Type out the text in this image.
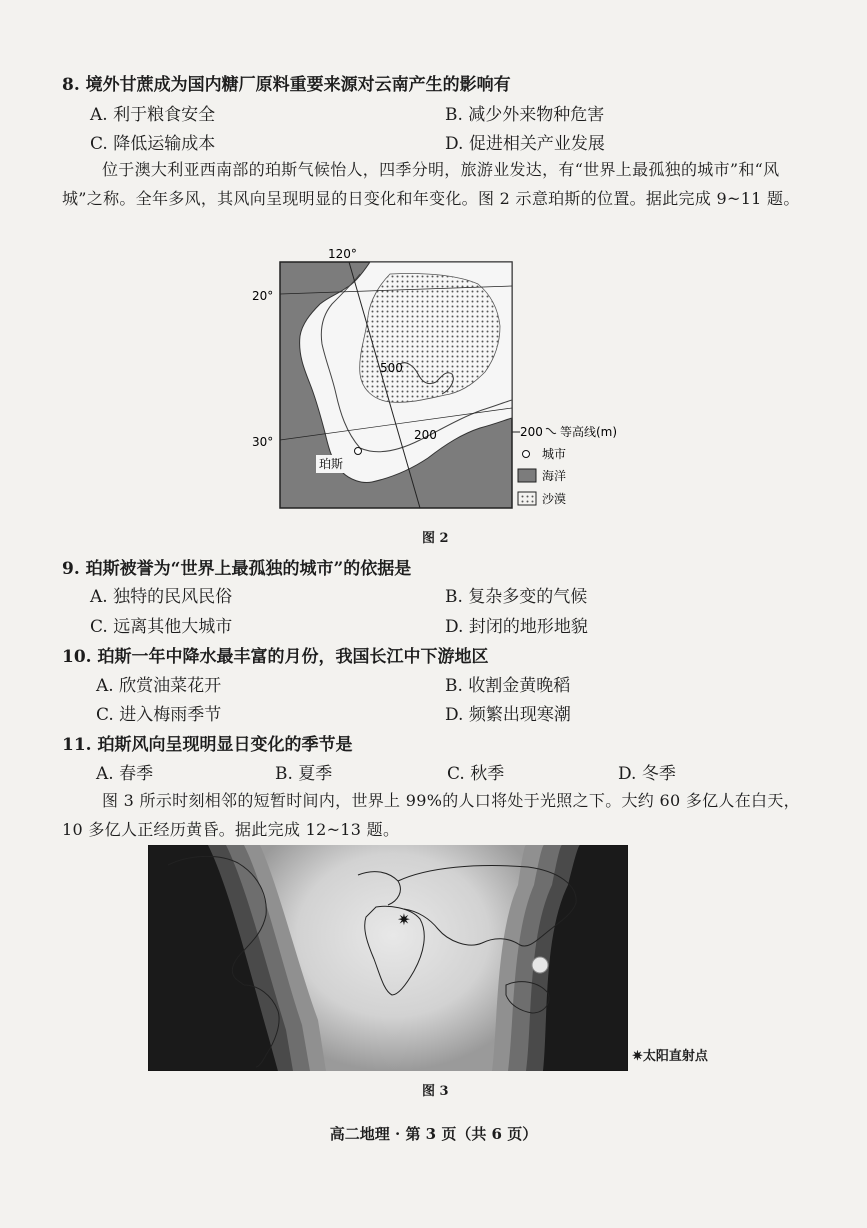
8. 境外甘蔗成为国内糖厂原料重要来源对云南产生的影响有
A. 利于粮食安全	B. 减少外来物种危害
C. 降低运输成本	D. 促进相关产业发展
位于澳大利亚西南部的珀斯气候怡人，四季分明，旅游业发达，有“世界上最孤独的城市”和“风城”之称。全年多风，其风向呈现明显的日变化和年变化。图 2 示意珀斯的位置。据此完成 9~11 题。
120°
20°
30°
500
200
珀斯
200 等高线(m)
城市
海洋
沙漠
图 2
9. 珀斯被誉为“世界上最孤独的城市”的依据是
A. 独特的民风民俗	B. 复杂多变的气候
C. 远离其他大城市	D. 封闭的地形地貌
10. 珀斯一年中降水最丰富的月份，我国长江中下游地区
A. 欣赏油菜花开	B. 收割金黄晚稻
C. 进入梅雨季节	D. 频繁出现寒潮
11. 珀斯风向呈现明显日变化的季节是
A. 春季	B. 夏季	C. 秋季	D. 冬季
图 3 所示时刻相邻的短暂时间内，世界上 99%的人口将处于光照之下。大约 60 多亿人在白天，10 多亿人正经历黄昏。据此完成 12~13 题。
✷
✷太阳直射点
图 3
高二地理 · 第 3 页（共 6 页）
